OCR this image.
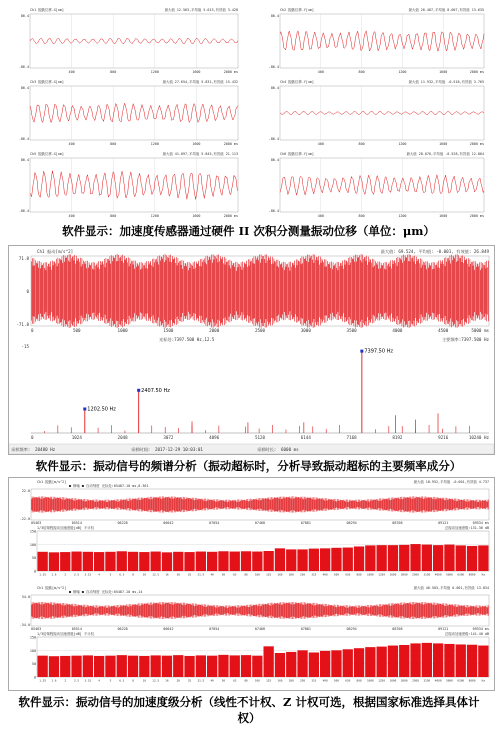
Ch1 振動位移-X[um]	最大值 12.563,平均值 5.013,有效值 3.428
86.4
-86.4
400	800	1200	1600	2000 ms
Ch2 振動位移-Y[um]	最大值 26.487,平均值 8.007,有效值 13.635
86.4
-86.4
400	800	1200	1600	2000 ms
Ch3 振動位移-X[um]	最大值 27.654,平均值 5.831,有效值 15.432
86.4
-86.4
400	800	1200	1600	2000 ms
Ch4 振動位移-Y[um]	最大值 11.932,平均值 -0.518,有效值 3.765
86.4
-86.4
400	800	1200	1600	2000 ms
Ch5 振動位移-X[um]	最大值 41.097,平均值 5.845,有效值 21.113
86.4
-86.4
400	800	1200	1600	2000 ms
Ch6 振動位移-Y[um]	最大值 28.076,平均值 -0.528,有效值 12.864
86.4
-86.4
400	800	1200	1600	2000 ms
软件显示：加速度传感器通过硬件 II 次积分测量振动位移（单位：μm）
Ch1 振动[m/s^2]	最大值: 69.524, 平均值: -0.001, 有效值: 26.849
71.8
0
-71.8
0	500	1000	1500	2000	2500	3000	3500	4000	4500	5000 ms
光标处:7397.500 Hz,12.5	主要频率:7397.500 Hz
-15
1202.50 Hz
2407.50 Hz
7397.50 Hz
0	1024	2048	3072	4096	5120	6144	7168	8192	9216	10240 Hz
采样频率: 20480 Hz	采样时间: 2017-12-29 10:03:01	采样时长: 6000 ms
软件显示：振动信号的频谱分析（振动超标时，分析导致振动超标的主要频率成分）
Ch1 振動[m/s^2]	最大值 18.952,平均值 -0.001,有效值 4.737
■ 横轴 ■ 自动刻度 光标处:05487.10 ms,0.361
22.0
-22.0
05463	05514	06228	06642	07054	07468	07881	08294	08708	09121	09534 ms
1/3倍频程振动加速度级[dB] 不计权	总振动加速度级:131.36 dB
150
100
50
0
1.25 1.6	2	2.5 3.15	4	5	6.3	8	10 12.5 16	20	25 31.5 40	50	63	80	100 125 160 200 250 315 400 500 630 800 1000 1250 1600 2000 2500 3150 4000 5000 6300 8000 Hz
Ch1 振動[m/s^2]	最大值 46.503,平均值 0.001,有效值 13.834
■ 横轴 ■ 自动刻度 光标处:05487.10 ms,14
54.0
-54.0
05463	05514	06228	06642	07054	07468	07881	08294	08708	09121	09534 ms
1/3倍频程振动加速度级[dB] 不计权	总振动加速度级:141.40 dB
150
100
50
0
1.25 1.6	2	2.5 3.15	4	5	6.3	8	10 12.5 16	20	25 31.5 40	50	63	80	100 125 160 200 250 315 400 500 630 800 1000 1250 1600 2000 2500 3150 4000 5000 6300 8000 Hz
软件显示：振动信号的加速度级分析（线性不计权、Z 计权可选，根据国家标准选择具体计权）
